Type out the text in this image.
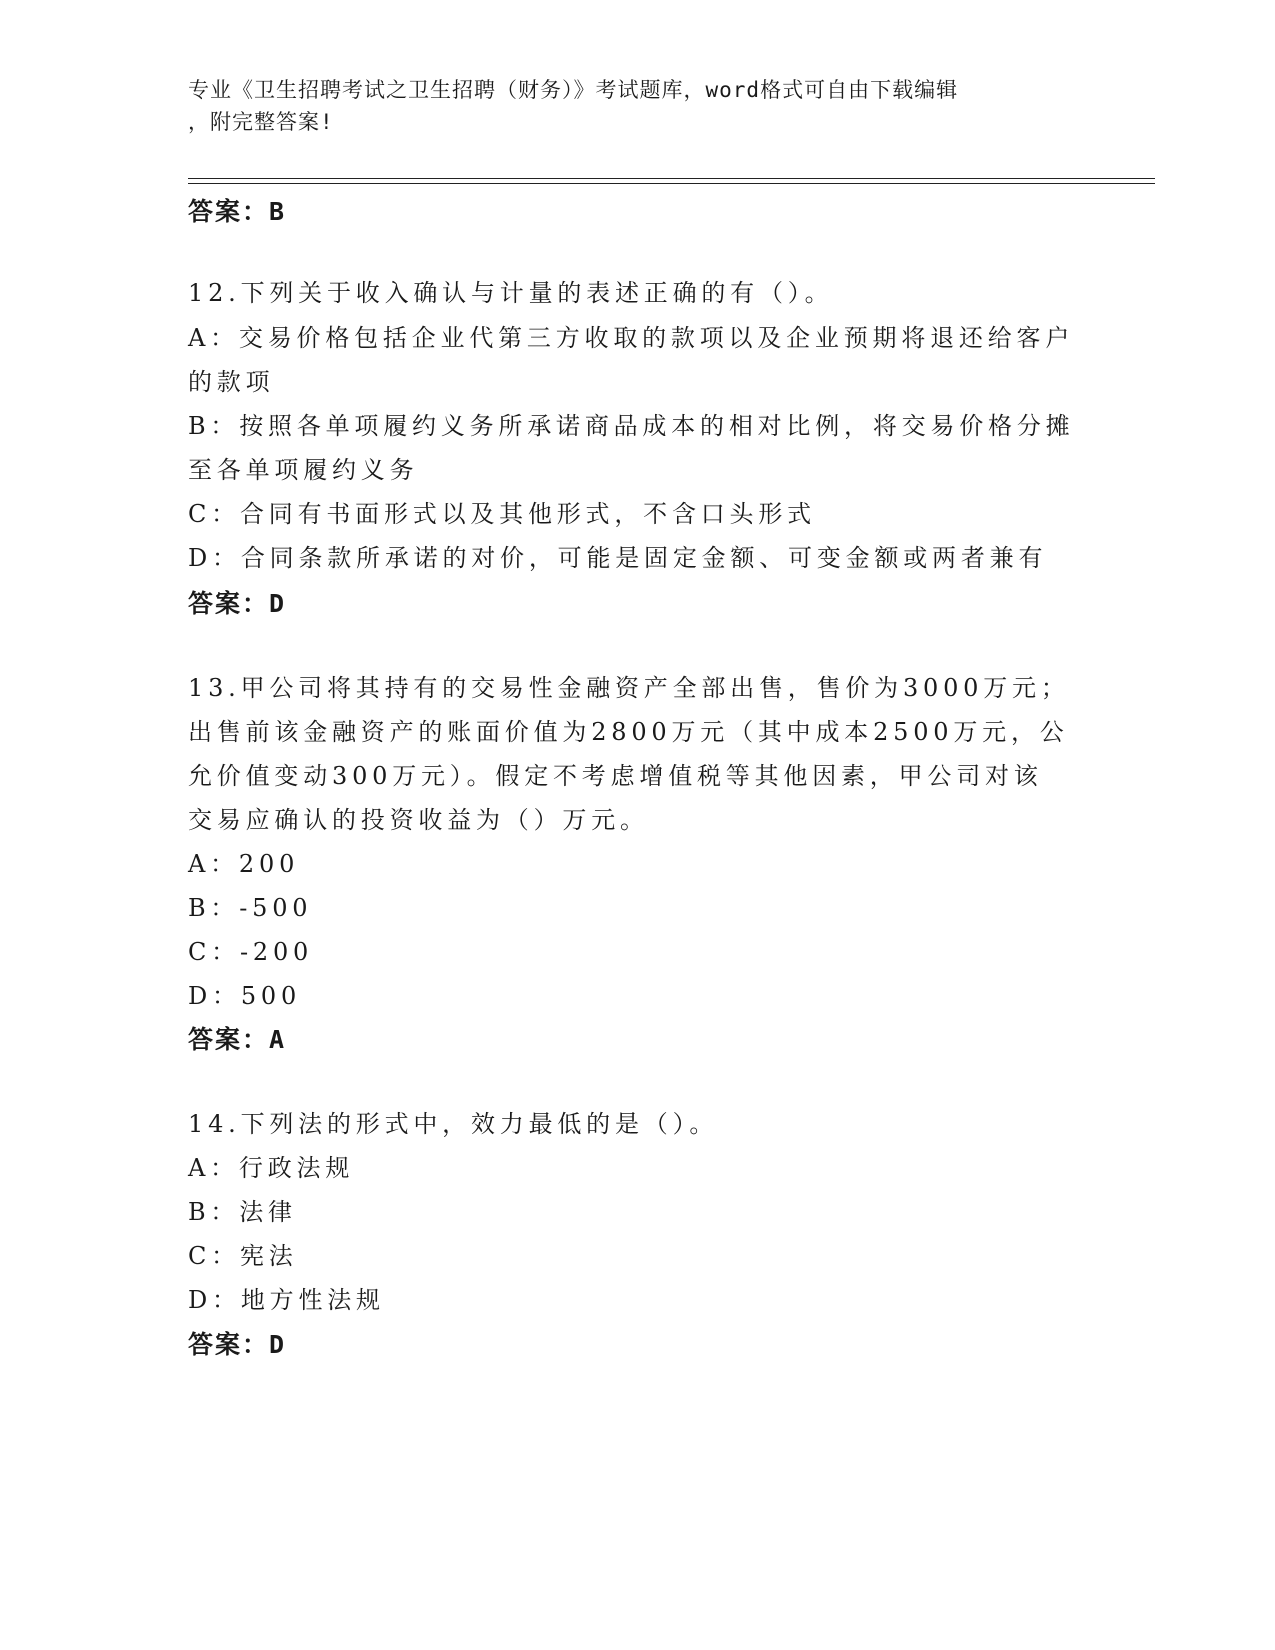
专业《卫生招聘考试之卫生招聘（财务）》考试题库，word格式可自由下载编辑
，附完整答案!
答案：B
12.下列关于收入确认与计量的表述正确的有（）。
A：交易价格包括企业代第三方收取的款项以及企业预期将退还给客户
的款项
B：按照各单项履约义务所承诺商品成本的相对比例，将交易价格分摊
至各单项履约义务
C：合同有书面形式以及其他形式，不含口头形式
D：合同条款所承诺的对价，可能是固定金额、可变金额或两者兼有
答案：D
13.甲公司将其持有的交易性金融资产全部出售，售价为3000万元；
出售前该金融资产的账面价值为2800万元（其中成本2500万元，公
允价值变动300万元）。假定不考虑增值税等其他因素，甲公司对该
交易应确认的投资收益为（）万元。
A：200
B：-500
C：-200
D：500
答案：A
14.下列法的形式中，效力最低的是（）。
A：行政法规
B：法律
C：宪法
D：地方性法规
答案：D
